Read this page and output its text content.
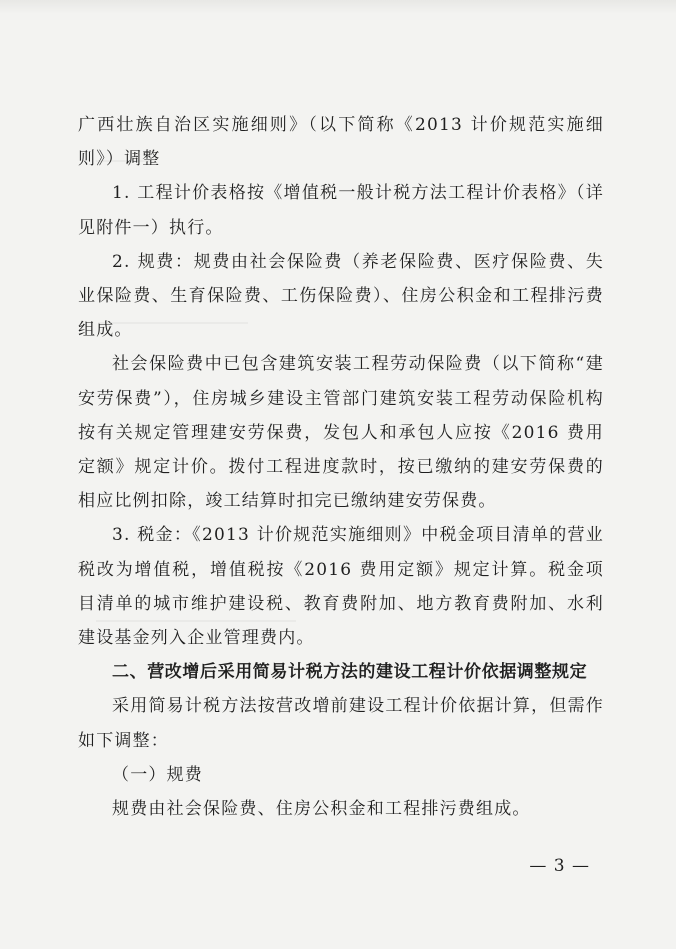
广西壮族自治区实施细则》（以下简称《2013 计价规范实施细则》）调整

1. 工程计价表格按《增值税一般计税方法工程计价表格》（详见附件一）执行。

2. 规费：规费由社会保险费（养老保险费、医疗保险费、失业保险费、生育保险费、工伤保险费）、住房公积金和工程排污费组成。

社会保险费中已包含建筑安装工程劳动保险费（以下简称“建安劳保费”），住房城乡建设主管部门建筑安装工程劳动保险机构按有关规定管理建安劳保费，发包人和承包人应按《2016 费用定额》规定计价。拨付工程进度款时，按已缴纳的建安劳保费的相应比例扣除，竣工结算时扣完已缴纳建安劳保费。

3. 税金：《2013 计价规范实施细则》中税金项目清单的营业税改为增值税，增值税按《2016 费用定额》规定计算。税金项目清单的城市维护建设税、教育费附加、地方教育费附加、水利建设基金列入企业管理费内。

二、营改增后采用简易计税方法的建设工程计价依据调整规定

采用简易计税方法按营改增前建设工程计价依据计算，但需作如下调整：

（一）规费

规费由社会保险费、住房公积金和工程排污费组成。

— 3 —
